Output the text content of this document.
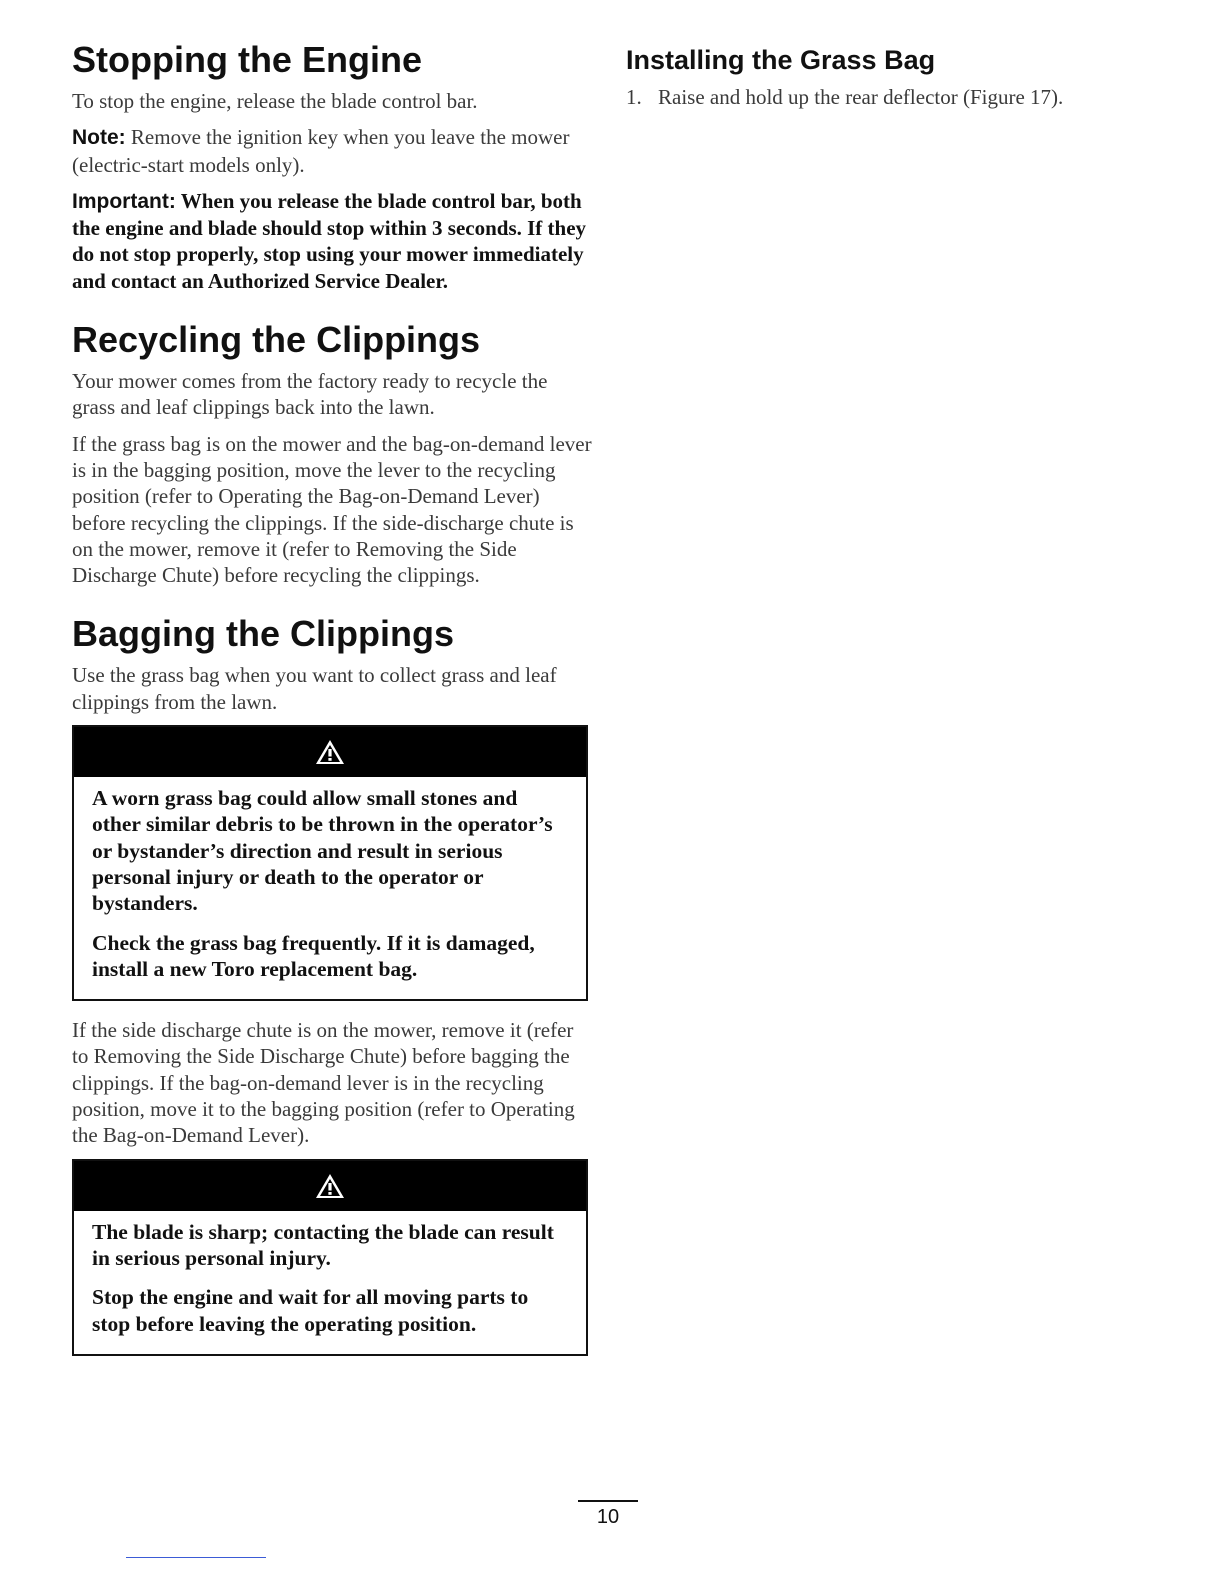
Stopping the Engine

To stop the engine, release the blade control bar.

Note: Remove the ignition key when you leave the mower (electric-start models only).

Important: When you release the blade control bar, both the engine and blade should stop within 3 seconds. If they do not stop properly, stop using your mower immediately and contact an Authorized Service Dealer.

Recycling the Clippings

Your mower comes from the factory ready to recycle the grass and leaf clippings back into the lawn.

If the grass bag is on the mower and the bag-on-demand lever is in the bagging position, move the lever to the recycling position (refer to Operating the Bag-on-Demand Lever) before recycling the clippings. If the side-discharge chute is on the mower, remove it (refer to Removing the Side Discharge Chute) before recycling the clippings.

Bagging the Clippings

Use the grass bag when you want to collect grass and leaf clippings from the lawn.

A worn grass bag could allow small stones and other similar debris to be thrown in the operator’s or bystander’s direction and result in serious personal injury or death to the operator or bystanders.

Check the grass bag frequently. If it is damaged, install a new Toro replacement bag.

If the side discharge chute is on the mower, remove it (refer to Removing the Side Discharge Chute) before bagging the clippings. If the bag-on-demand lever is in the recycling position, move it to the bagging position (refer to Operating the Bag-on-Demand Lever).

The blade is sharp; contacting the blade can result in serious personal injury.

Stop the engine and wait for all moving parts to stop before leaving the operating position.

Installing the Grass Bag
1. Raise and hold up the rear deflector (Figure 17).
10
